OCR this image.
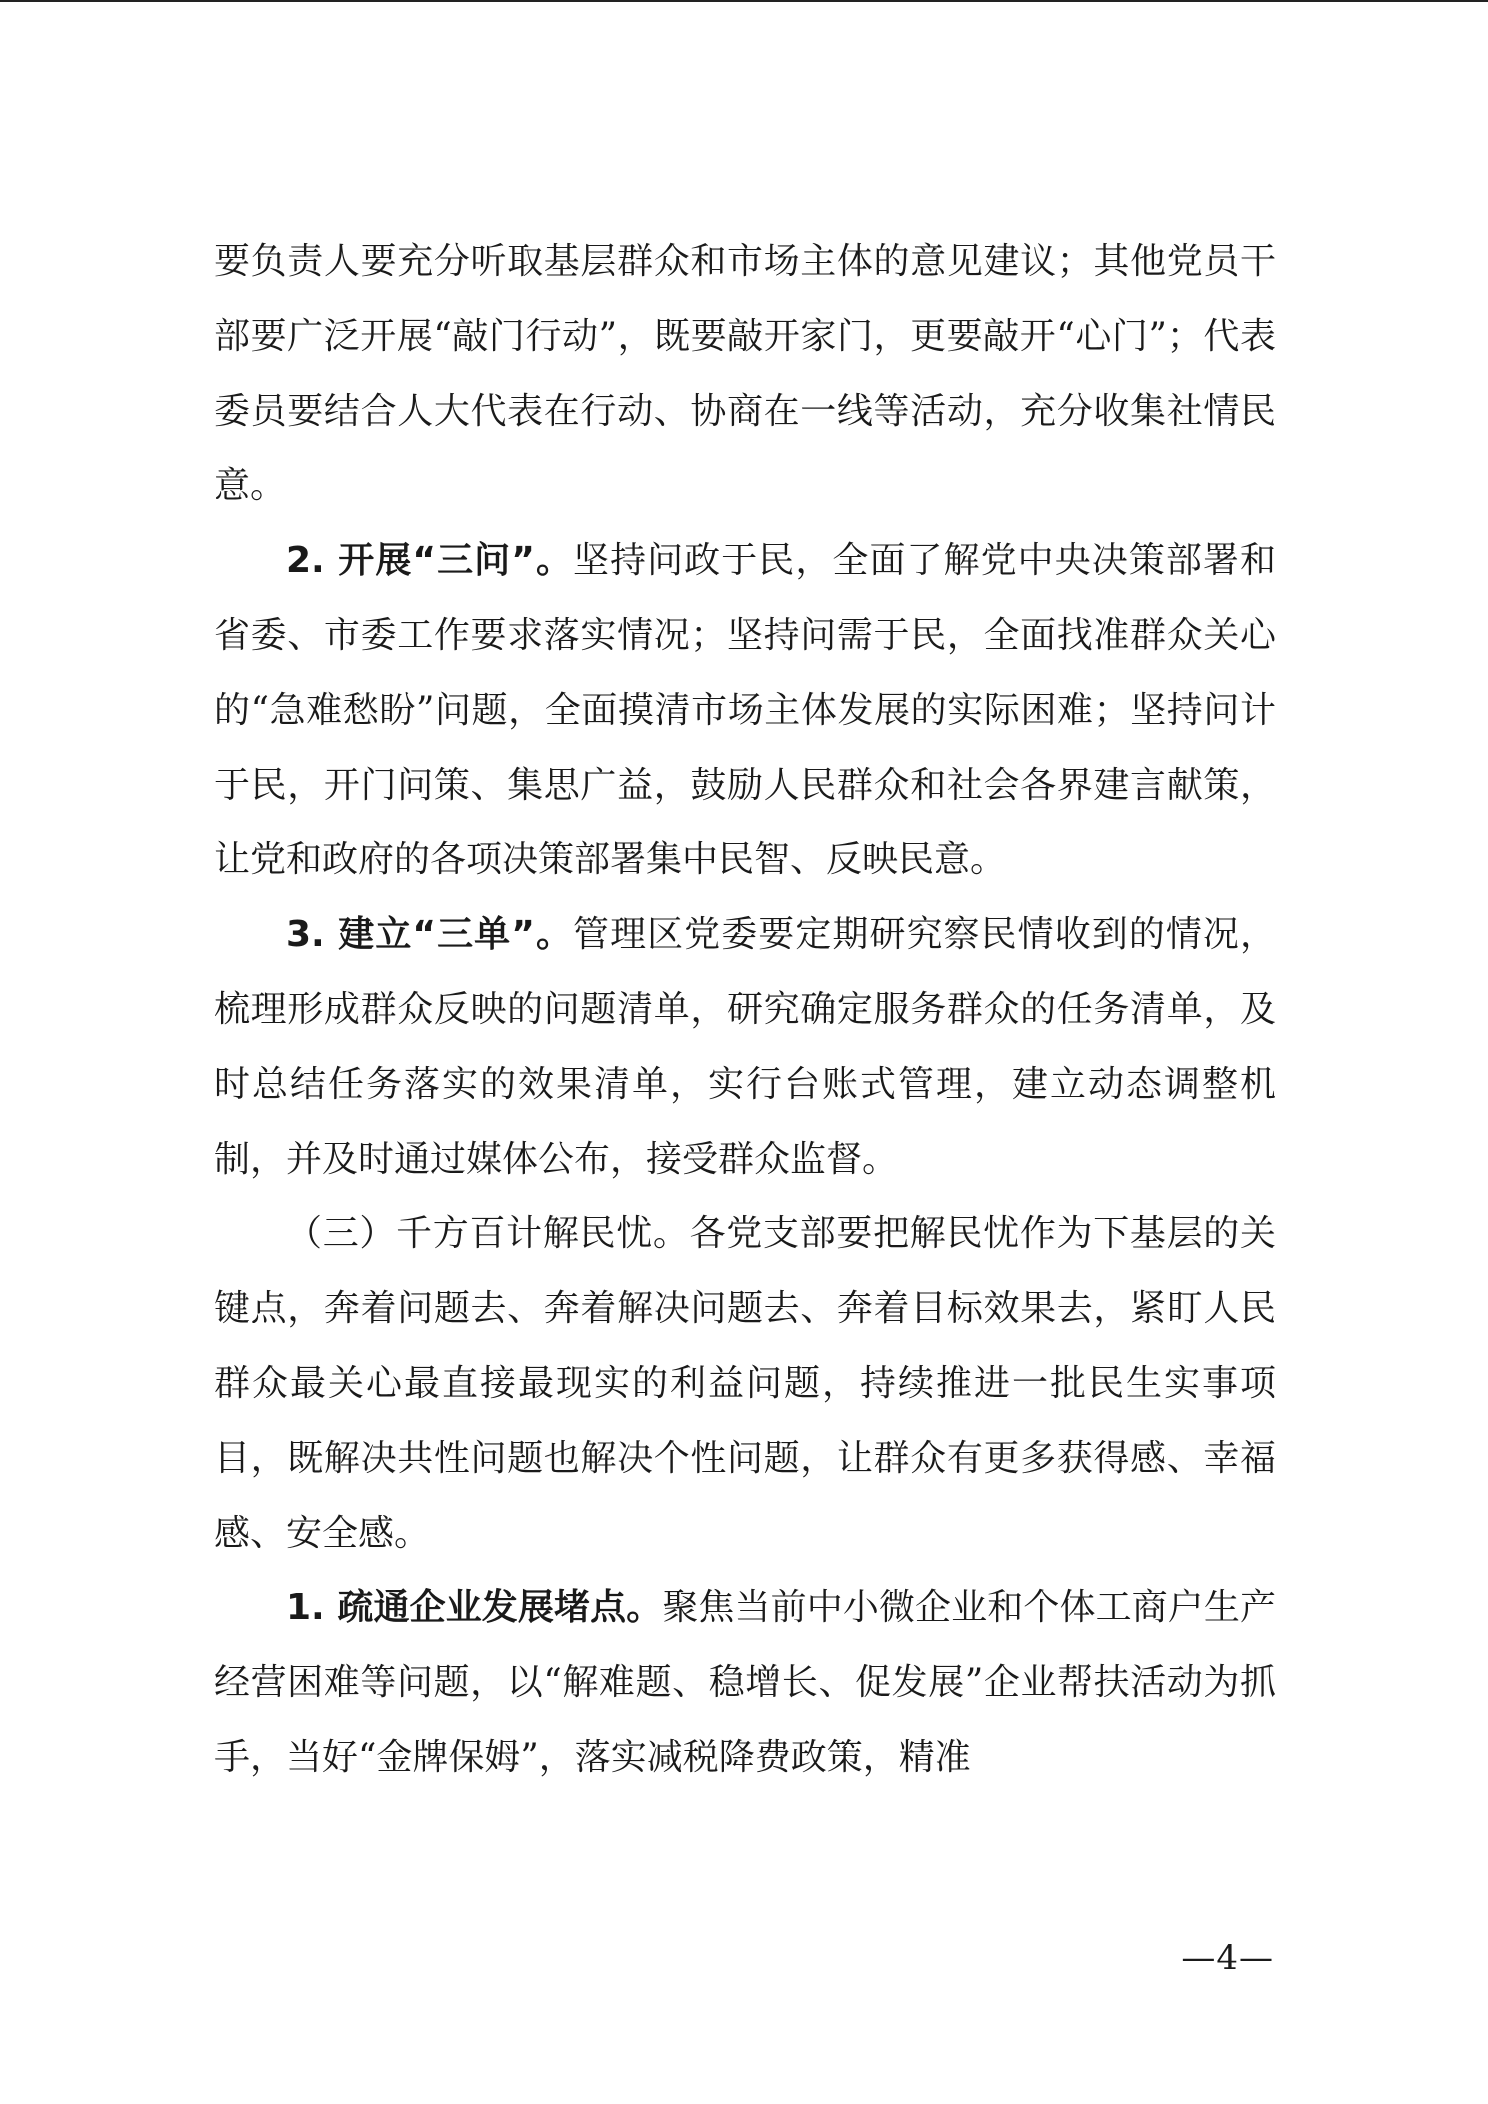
要负责人要充分听取基层群众和市场主体的意见建议；其他党员干部要广泛开展“敲门行动”，既要敲开家门，更要敲开“心门”；代表委员要结合人大代表在行动、协商在一线等活动，充分收集社情民意。

2. 开展“三问”。坚持问政于民，全面了解党中央决策部署和省委、市委工作要求落实情况；坚持问需于民，全面找准群众关心的“急难愁盼”问题，全面摸清市场主体发展的实际困难；坚持问计于民，开门问策、集思广益，鼓励人民群众和社会各界建言献策，让党和政府的各项决策部署集中民智、反映民意。

3. 建立“三单”。管理区党委要定期研究察民情收到的情况，梳理形成群众反映的问题清单，研究确定服务群众的任务清单，及时总结任务落实的效果清单，实行台账式管理，建立动态调整机制，并及时通过媒体公布，接受群众监督。

（三）千方百计解民忧。各党支部要把解民忧作为下基层的关键点，奔着问题去、奔着解决问题去、奔着目标效果去，紧盯人民群众最关心最直接最现实的利益问题，持续推进一批民生实事项目，既解决共性问题也解决个性问题，让群众有更多获得感、幸福感、安全感。

1. 疏通企业发展堵点。聚焦当前中小微企业和个体工商户生产经营困难等问题，以“解难题、稳增长、促发展”企业帮扶活动为抓手，当好“金牌保姆”，落实减税降费政策，精准

—4—
